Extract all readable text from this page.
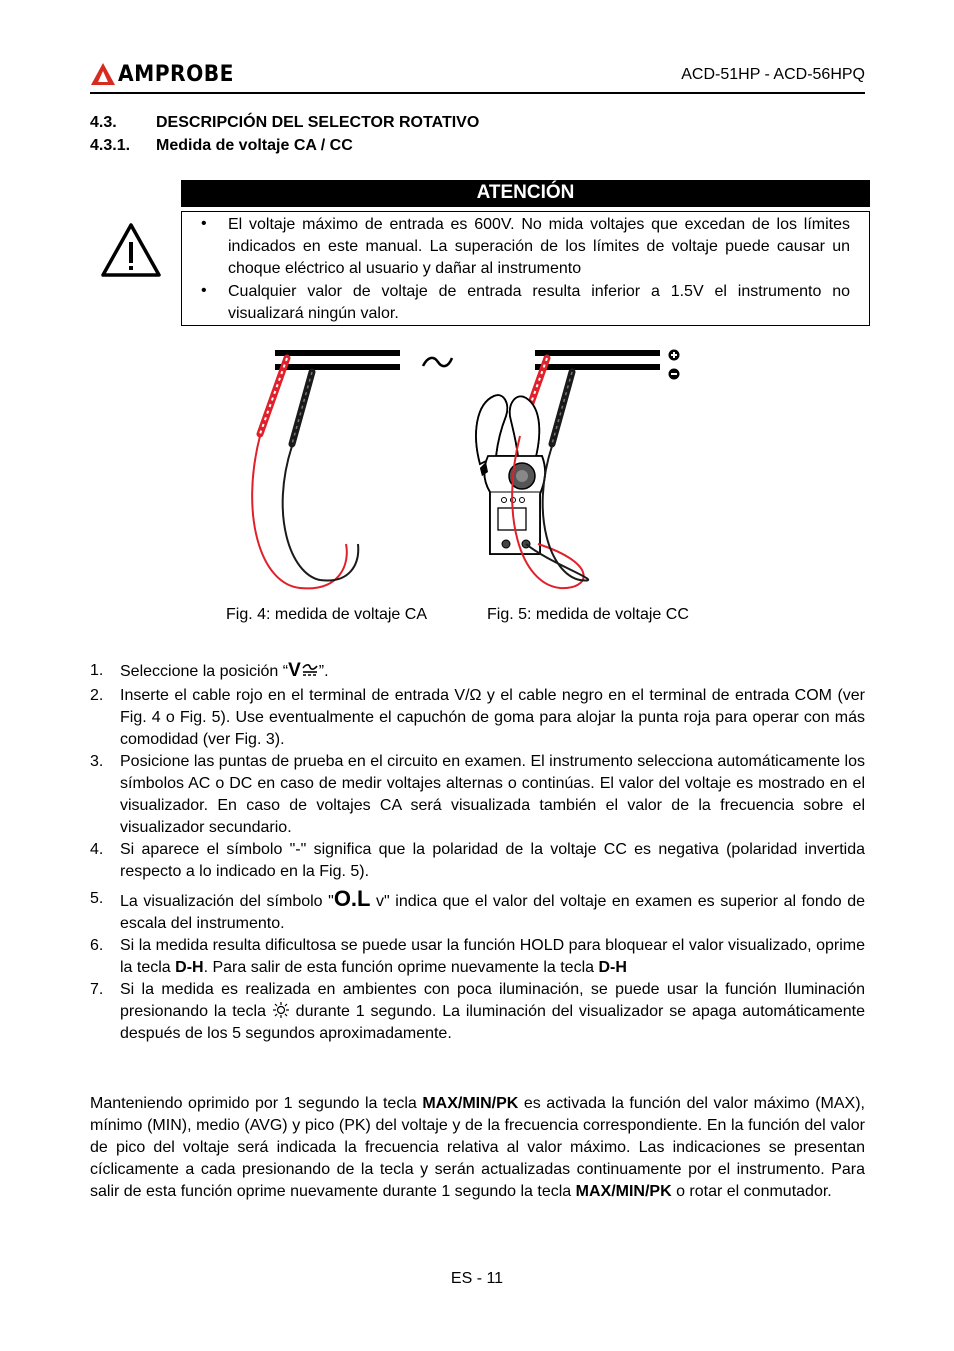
AMPROBE	ACD-51HP - ACD-56HPQ
4.3. DESCRIPCIÓN DEL SELECTOR ROTATIVO
4.3.1. Medida de voltaje CA / CC
ATENCIÓN
• El voltaje máximo de entrada es 600V. No mida voltajes que excedan de los límites indicados en este manual. La superación de los límites de voltaje puede causar un choque eléctrico al usuario y dañar al instrumento
• Cualquier valor de voltaje de entrada resulta inferior a 1.5V el instrumento no visualizará ningún valor.
Fig. 4: medida de voltaje CA	Fig. 5: medida de voltaje CC
1. Seleccione la posición “V ”.
2. Inserte el cable rojo en el terminal de entrada V/Ω y el cable negro en el terminal de entrada COM (ver Fig. 4 o Fig. 5). Use eventualmente el capuchón de goma para alojar la punta roja para operar con más comodidad (ver Fig. 3).
3. Posicione las puntas de prueba en el circuito en examen. El instrumento selecciona automáticamente los símbolos AC o DC en caso de medir voltajes alternas o continúas. El valor del voltaje es mostrado en el visualizador. En caso de voltajes CA será visualizada también el valor de la frecuencia sobre el visualizador secundario.
4. Si aparece el símbolo "-" significa que la polaridad de la voltaje CC es negativa (polaridad invertida respecto a lo indicado en la Fig. 5).
5. La visualización del símbolo "O.L v" indica que el valor del voltaje en examen es superior al fondo de escala del instrumento.
6. Si la medida resulta dificultosa se puede usar la función HOLD para bloquear el valor visualizado, oprime la tecla D-H. Para salir de esta función oprime nuevamente la tecla D-H
7. Si la medida es realizada en ambientes con poca iluminación, se puede usar la función Iluminación presionando la tecla  durante 1 segundo. La iluminación del visualizador se apaga automáticamente después de los 5 segundos aproximadamente.
Manteniendo oprimido por 1 segundo la tecla MAX/MIN/PK es activada la función del valor máximo (MAX), mínimo (MIN), medio (AVG) y pico (PK) del voltaje y de la frecuencia correspondiente. En la función del valor de pico del voltaje será indicada la frecuencia relativa al valor máximo. Las indicaciones se presentan cíclicamente a cada presionando de la tecla y serán actualizadas continuamente por el instrumento. Para salir de esta función oprime nuevamente durante 1 segundo la tecla MAX/MIN/PK o rotar el conmutador.
ES - 11
